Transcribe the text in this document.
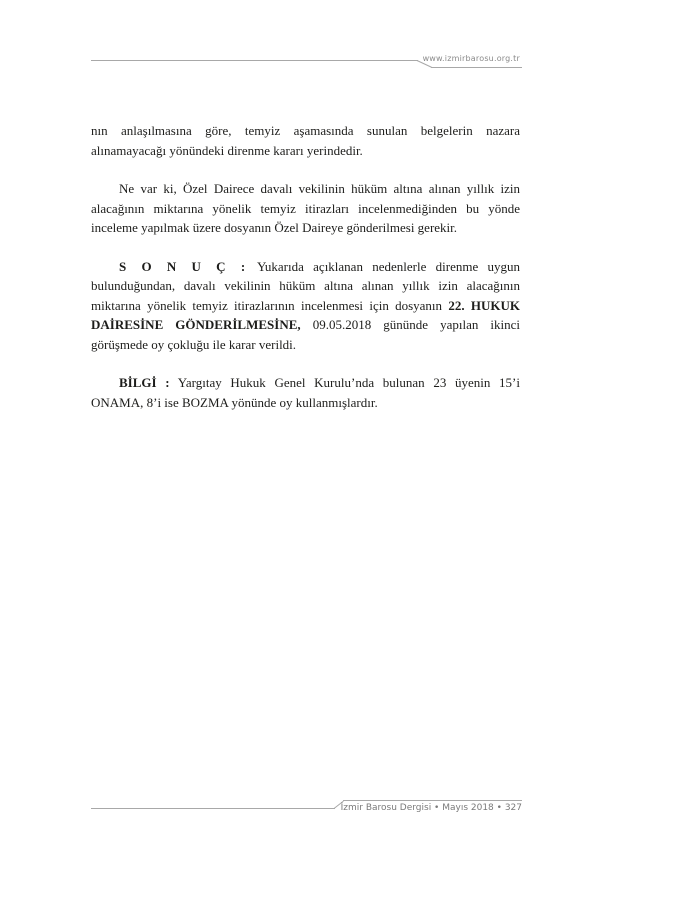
www.izmirbarosu.org.tr

nın anlaşılmasına göre, temyiz aşamasında sunulan belgelerin nazara alınamayacağı yönündeki direnme kararı yerindedir.

Ne var ki, Özel Dairece davalı vekilinin hüküm altına alınan yıllık izin alacağının miktarına yönelik temyiz itirazları incelenmediğinden bu yönde inceleme yapılmak üzere dosyanın Özel Daireye gönderilmesi gerekir.

S O N U Ç : Yukarıda açıklanan nedenlerle direnme uygun bulunduğundan, davalı vekilinin hüküm altına alınan yıllık izin alacağının miktarına yönelik temyiz itirazlarının incelenmesi için dosyanın 22. HUKUK DAİRESİNE GÖNDERİLMESİNE, 09.05.2018 gününde yapılan ikinci görüşmede oy çokluğu ile karar verildi.

BİLGİ : Yargıtay Hukuk Genel Kurulu’nda bulunan 23 üyenin 15’i ONAMA, 8’i ise BOZMA yönünde oy kullanmışlardır.

İzmir Barosu Dergisi • Mayıs 2018 • 327
